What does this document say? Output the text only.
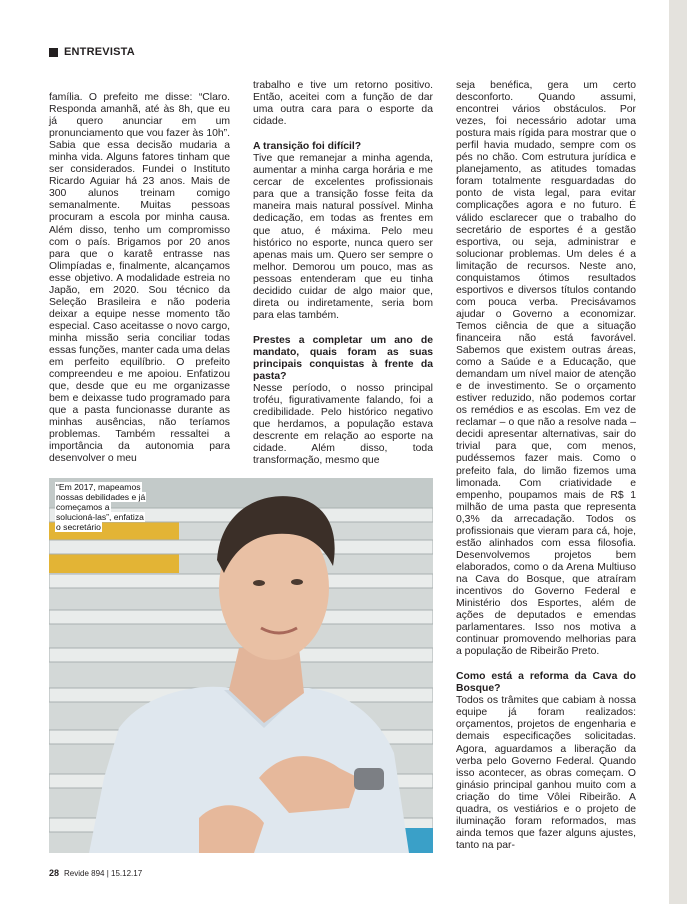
ENTREVISTA

família. O prefeito me disse: “Claro. Responda amanhã, até às 8h, que eu já quero anunciar em um pronunciamento que vou fazer às 10h”. Sabia que essa decisão mudaria a minha vida. Alguns fatores tinham que ser considerados. Fundei o Instituto Ricardo Aguiar há 23 anos. Mais de 300 alunos treinam comigo semanalmente. Muitas pessoas procuram a escola por minha causa. Além disso, tenho um compromisso com o país. Brigamos por 20 anos para que o karatê entrasse nas Olimpíadas e, finalmente, alcançamos esse objetivo. A modalidade estreia no Japão, em 2020. Sou técnico da Seleção Brasileira e não poderia deixar a equipe nesse momento tão especial. Caso aceitasse o novo cargo, minha missão seria conciliar todas essas funções, manter cada uma delas em perfeito equilíbrio. O prefeito compreendeu e me apoiou. Enfatizou que, desde que eu me organizasse bem e deixasse tudo programado para que a pasta funcionasse durante as minhas ausências, não teríamos problemas. Também ressaltei a importância da autonomia para desenvolver o meu

trabalho e tive um retorno positivo. Então, aceitei com a função de dar uma outra cara para o esporte da cidade.

A transição foi difícil?

Tive que remanejar a minha agenda, aumentar a minha carga horária e me cercar de excelentes profissionais para que a transição fosse feita da maneira mais natural possível. Minha dedicação, em todas as frentes em que atuo, é máxima. Pelo meu histórico no esporte, nunca quero ser apenas mais um. Quero ser sempre o melhor. Demorou um pouco, mas as pessoas entenderam que eu tinha decidido cuidar de algo maior que, direta ou indiretamente, seria bom para elas também.

Prestes a completar um ano de mandato, quais foram as suas principais conquistas à frente da pasta?

Nesse período, o nosso principal troféu, figurativamente falando, foi a credibilidade. Pelo histórico negativo que herdamos, a população estava descrente em relação ao esporte na cidade. Além disso, toda transformação, mesmo que

seja benéfica, gera um certo desconforto. Quando assumi, encontrei vários obstáculos. Por vezes, foi necessário adotar uma postura mais rígida para mostrar que o perfil havia mudado, sempre com os pés no chão. Com estrutura jurídica e planejamento, as atitudes tomadas foram totalmente resguardadas do ponto de vista legal, para evitar complicações agora e no futuro. É válido esclarecer que o trabalho do secretário de esportes é a gestão esportiva, ou seja, administrar e solucionar problemas. Um deles é a limitação de recursos. Neste ano, conquistamos ótimos resultados esportivos e diversos títulos contando com pouca verba. Precisávamos ajudar o Governo a economizar. Temos ciência de que a situação financeira não está favorável. Sabemos que existem outras áreas, como a Saúde e a Educação, que demandam um nível maior de atenção e de investimento. Se o orçamento estiver reduzido, não podemos cortar os remédios e as escolas. Em vez de reclamar – o que não a resolve nada – decidi apresentar alternativas, sair do trivial para que, com menos, pudéssemos fazer mais. Como o prefeito fala, do limão fizemos uma limonada. Com criatividade e empenho, poupamos mais de R$ 1 milhão de uma pasta que representa 0,3% da arrecadação. Todos os profissionais que vieram para cá, hoje, estão alinhados com essa filosofia. Desenvolvemos projetos bem elaborados, como o da Arena Multiuso na Cava do Bosque, que atraíram incentivos do Governo Federal e Ministério dos Esportes, além de ações de deputados e emendas parlamentares. Isso nos motiva a continuar promovendo melhorias para a população de Ribeirão Preto.

Como está a reforma da Cava do Bosque?

Todos os trâmites que cabiam à nossa equipe já foram realizados: orçamentos, projetos de engenharia e demais especificações solicitadas. Agora, aguardamos a liberação da verba pelo Governo Federal. Quando isso acontecer, as obras começam. O ginásio principal ganhou muito com a criação do time Vôlei Ribeirão. A quadra, os vestiários e o projeto de iluminação foram reformados, mas ainda temos que fazer alguns ajustes, tanto na par-

“Em 2017, mapeamos nossas debilidades e já começamos a solucioná-las”, enfatiza o secretário
28 Revide 894 | 15.12.17
